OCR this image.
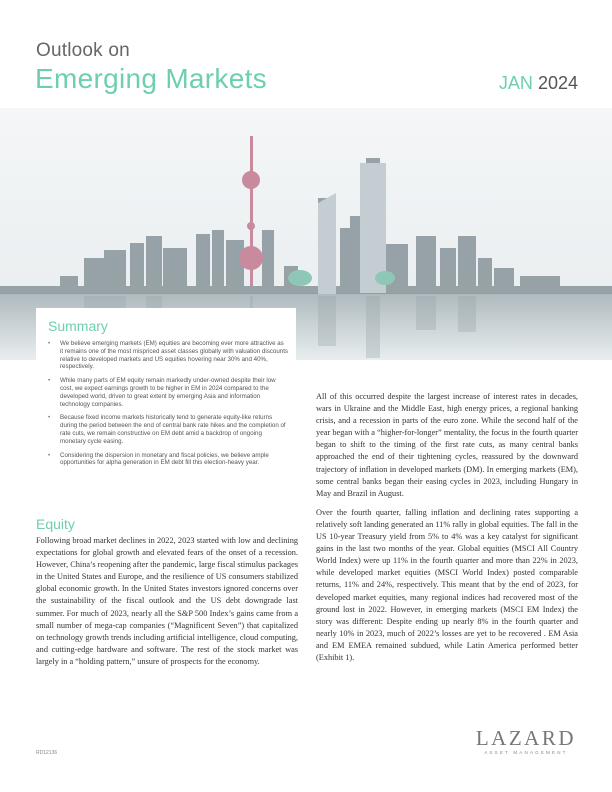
Outlook on
Emerging Markets	JAN 2024
Summary
• We believe emerging markets (EM) equities are becoming ever more attractive as it remains one of the most mispriced asset classes globally with valuation discounts relative to developed markets and US equities hovering near 30% and 40%, respectively.
• While many parts of EM equity remain markedly under-owned despite their low cost, we expect earnings growth to be higher in EM in 2024 compared to the developed world, driven to great extent by emerging Asia and information technology companies.
• Because fixed income markets historically tend to generate equity-like returns during the period between the end of central bank rate hikes and the completion of rate cuts, we remain constructive on EM debt amid a backdrop of ongoing monetary cycle easing.
• Considering the dispersion in monetary and fiscal policies, we believe ample opportunities for alpha generation in EM debt fill this election-heavy year.
Equity

Following broad market declines in 2022, 2023 started with low and declining expectations for global growth and elevated fears of the onset of a recession. However, China’s reopening after the pandemic, large fiscal stimulus packages in the United States and Europe, and the resilience of US consumers stabilized global economic growth. In the United States investors ignored concerns over the sustainability of the fiscal outlook and the US debt downgrade last summer. For much of 2023, nearly all the S&P 500 Index’s gains came from a small number of mega-cap companies (“Magnificent Seven”) that capitalized on technology growth trends including artificial intelligence, cloud computing, and cutting-edge hardware and software. The rest of the stock market was largely in a “holding pattern,” unsure of prospects for the economy.

All of this occurred despite the largest increase of interest rates in decades, wars in Ukraine and the Middle East, high energy prices, a regional banking crisis, and a recession in parts of the euro zone. While the second half of the year began with a “higher-for-longer” mentality, the focus in the fourth quarter began to shift to the timing of the first rate cuts, as many central banks approached the end of their tightening cycles, reassured by the downward trajectory of inflation in developed markets (DM). In emerging markets (EM), some central banks began their easing cycles in 2023, including Hungary in May and Brazil in August.

Over the fourth quarter, falling inflation and declining rates supporting a relatively soft landing generated an 11% rally in global equities. The fall in the US 10-year Treasury yield from 5% to 4% was a key catalyst for significant gains in the last two months of the year. Global equities (MSCI All Country World Index) were up 11% in the fourth quarter and more than 22% in 2023, while developed market equities (MSCI World Index) posted comparable returns, 11% and 24%, respectively. This meant that by the end of 2023, for developed market equities, many regional indices had recovered most of the ground lost in 2022. However, in emerging markets (MSCI EM Index) the story was different: Despite ending up nearly 8% in the fourth quarter and nearly 10% in 2023, much of 2022’s losses are yet to be recovered . EM Asia and EM EMEA remained subdued, while Latin America performed better (Exhibit 1).

RD12136
LAZARD
ASSET MANAGEMENT
